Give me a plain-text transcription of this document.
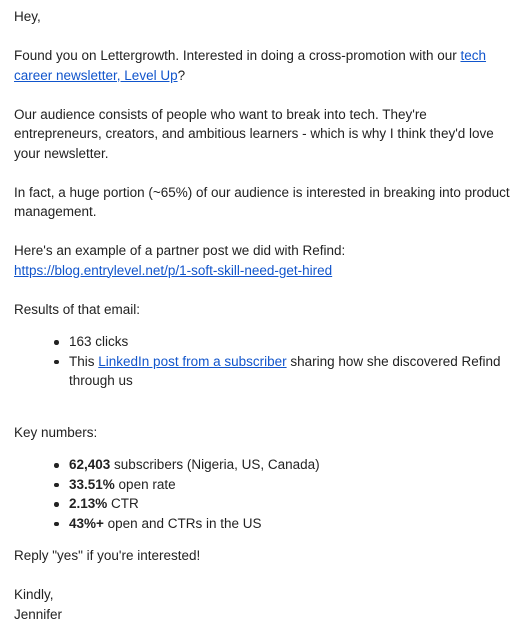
Hey,

Found you on Lettergrowth. Interested in doing a cross-promotion with our tech career newsletter, Level Up?

Our audience consists of people who want to break into tech. They're entrepreneurs, creators, and ambitious learners - which is why I think they'd love your newsletter.

In fact, a huge portion (~65%) of our audience is interested in breaking into product management.

Here's an example of a partner post we did with Refind: https://blog.entrylevel.net/p/1-soft-skill-need-get-hired

Results of that email:

163 clicks
This LinkedIn post from a subscriber sharing how she discovered Refind through us

Key numbers:

62,403 subscribers (Nigeria, US, Canada)
33.51% open rate
2.13% CTR
43%+ open and CTRs in the US

Reply "yes" if you're interested!

Kindly,

Jennifer
